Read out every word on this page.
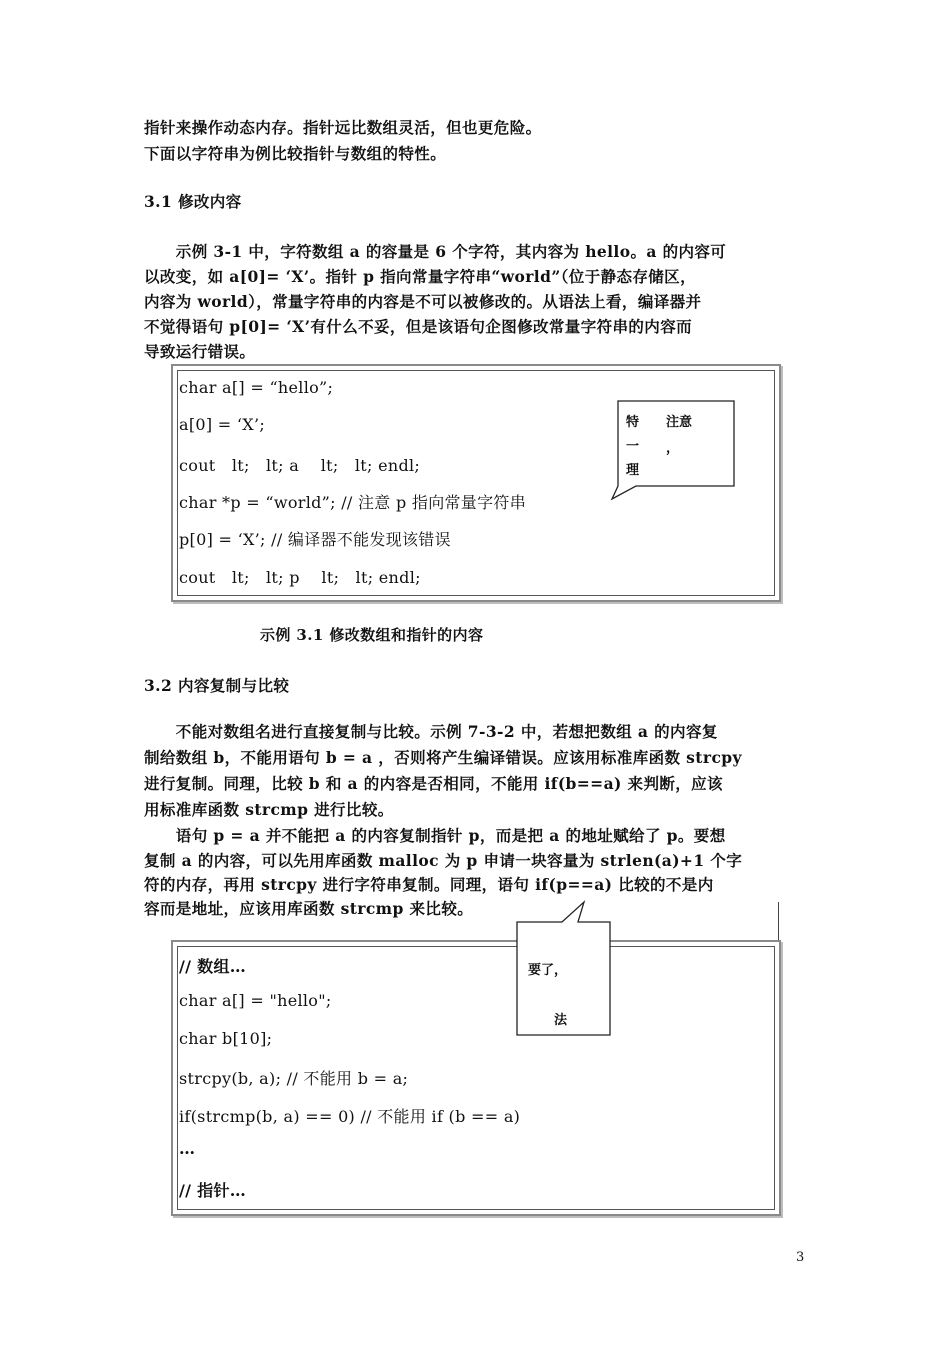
指针来操作动态内存。指针远比数组灵活，但也更危险。
下面以字符串为例比较指针与数组的特性。
3.1 修改内容
　　示例 3-1 中，字符数组 a 的容量是 6 个字符，其内容为 hello。a 的内容可
以改变，如 a[0]= ‘X’。指针 p 指向常量字符串“world”（位于静态存储区，
内容为 world），常量字符串的内容是不可以被修改的。从语法上看，编译器并
不觉得语句 p[0]= ‘X’有什么不妥，但是该语句企图修改常量字符串的内容而
导致运行错误。
char a[] = “hello”;
a[0] = ‘X’;
cout　lt;　lt; a　 lt;　lt; endl;
char *p = “world”; // 注意 p 指向常量字符串
p[0] = ‘X’; // 编译器不能发现该错误
cout　lt;　lt; p　 lt;　lt; endl;
特
一
理
注意
，
示例 3.1 修改数组和指针的内容
3.2 内容复制与比较
　　不能对数组名进行直接复制与比较。示例 7-3-2 中，若想把数组 a 的内容复
制给数组 b，不能用语句 b = a ，否则将产生编译错误。应该用标准库函数 strcpy
进行复制。同理，比较 b 和 a 的内容是否相同，不能用 if(b==a) 来判断，应该
用标准库函数 strcmp 进行比较。
　　语句 p = a 并不能把 a 的内容复制指针 p，而是把 a 的地址赋给了 p。要想
复制 a 的内容，可以先用库函数 malloc 为 p 申请一块容量为 strlen(a)+1 个字
符的内存，再用 strcpy 进行字符串复制。同理，语句 if(p==a) 比较的不是内
容而是地址，应该用库函数 strcmp 来比较。
// 数组…
char a[] = "hello";
char b[10];
strcpy(b, a); // 不能用 b = a;
if(strcmp(b, a) == 0) // 不能用 if (b == a)
…
// 指针…
要了，
法
3
